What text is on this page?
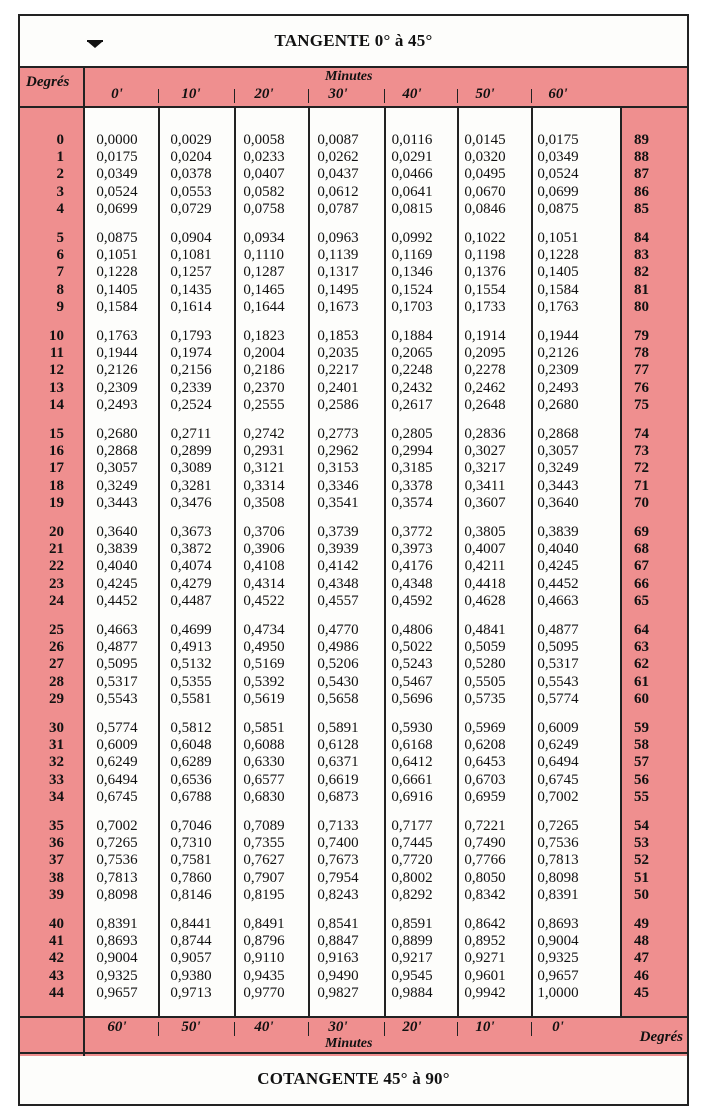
TANGENTE 0° à 45°
Degrés	Minutes
Degrés
Minutes
0'	10'	20'	30'	40'	50'	60'
60'	50'	40'	30'	20'	10'	0'
0	0,0000	0,0029	0,0058	0,0087	0,0116	0,0145	0,0175	89
1	0,0175	0,0204	0,0233	0,0262	0,0291	0,0320	0,0349	88
2	0,0349	0,0378	0,0407	0,0437	0,0466	0,0495	0,0524	87
3	0,0524	0,0553	0,0582	0,0612	0,0641	0,0670	0,0699	86
4	0,0699	0,0729	0,0758	0,0787	0,0815	0,0846	0,0875	85
5	0,0875	0,0904	0,0934	0,0963	0,0992	0,1022	0,1051	84
6	0,1051	0,1081	0,1110	0,1139	0,1169	0,1198	0,1228	83
7	0,1228	0,1257	0,1287	0,1317	0,1346	0,1376	0,1405	82
8	0,1405	0,1435	0,1465	0,1495	0,1524	0,1554	0,1584	81
9	0,1584	0,1614	0,1644	0,1673	0,1703	0,1733	0,1763	80
10	0,1763	0,1793	0,1823	0,1853	0,1884	0,1914	0,1944	79
11	0,1944	0,1974	0,2004	0,2035	0,2065	0,2095	0,2126	78
12	0,2126	0,2156	0,2186	0,2217	0,2248	0,2278	0,2309	77
13	0,2309	0,2339	0,2370	0,2401	0,2432	0,2462	0,2493	76
14	0,2493	0,2524	0,2555	0,2586	0,2617	0,2648	0,2680	75
15	0,2680	0,2711	0,2742	0,2773	0,2805	0,2836	0,2868	74
16	0,2868	0,2899	0,2931	0,2962	0,2994	0,3027	0,3057	73
17	0,3057	0,3089	0,3121	0,3153	0,3185	0,3217	0,3249	72
18	0,3249	0,3281	0,3314	0,3346	0,3378	0,3411	0,3443	71
19	0,3443	0,3476	0,3508	0,3541	0,3574	0,3607	0,3640	70
20	0,3640	0,3673	0,3706	0,3739	0,3772	0,3805	0,3839	69
21	0,3839	0,3872	0,3906	0,3939	0,3973	0,4007	0,4040	68
22	0,4040	0,4074	0,4108	0,4142	0,4176	0,4211	0,4245	67
23	0,4245	0,4279	0,4314	0,4348	0,4348	0,4418	0,4452	66
24	0,4452	0,4487	0,4522	0,4557	0,4592	0,4628	0,4663	65
25	0,4663	0,4699	0,4734	0,4770	0,4806	0,4841	0,4877	64
26	0,4877	0,4913	0,4950	0,4986	0,5022	0,5059	0,5095	63
27	0,5095	0,5132	0,5169	0,5206	0,5243	0,5280	0,5317	62
28	0,5317	0,5355	0,5392	0,5430	0,5467	0,5505	0,5543	61
29	0,5543	0,5581	0,5619	0,5658	0,5696	0,5735	0,5774	60
30	0,5774	0,5812	0,5851	0,5891	0,5930	0,5969	0,6009	59
31	0,6009	0,6048	0,6088	0,6128	0,6168	0,6208	0,6249	58
32	0,6249	0,6289	0,6330	0,6371	0,6412	0,6453	0,6494	57
33	0,6494	0,6536	0,6577	0,6619	0,6661	0,6703	0,6745	56
34	0,6745	0,6788	0,6830	0,6873	0,6916	0,6959	0,7002	55
35	0,7002	0,7046	0,7089	0,7133	0,7177	0,7221	0,7265	54
36	0,7265	0,7310	0,7355	0,7400	0,7445	0,7490	0,7536	53
37	0,7536	0,7581	0,7627	0,7673	0,7720	0,7766	0,7813	52
38	0,7813	0,7860	0,7907	0,7954	0,8002	0,8050	0,8098	51
39	0,8098	0,8146	0,8195	0,8243	0,8292	0,8342	0,8391	50
40	0,8391	0,8441	0,8491	0,8541	0,8591	0,8642	0,8693	49
41	0,8693	0,8744	0,8796	0,8847	0,8899	0,8952	0,9004	48
42	0,9004	0,9057	0,9110	0,9163	0,9217	0,9271	0,9325	47
43	0,9325	0,9380	0,9435	0,9490	0,9545	0,9601	0,9657	46
44	0,9657	0,9713	0,9770	0,9827	0,9884	0,9942	1,0000	45
COTANGENTE 45° à 90°
